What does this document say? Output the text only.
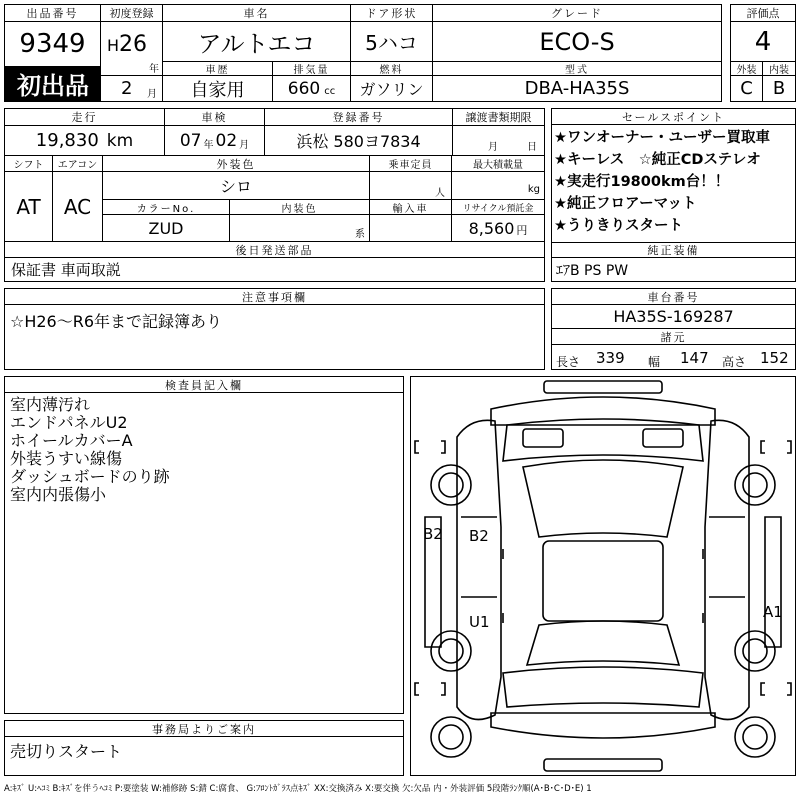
出品番号
9349
初出品
初度登録
H 26
年
2 月
車名
アルトエコ
ドア形状
5ハコ
グレード
ECO-S
車歴
自家用
排気量
660 cc
燃料
ガソリン
型式
DBA-HA35S
評価点
4
外装	内装
C	B
走行
19,830 km
車検
07 年 02 月
登録番号
浜松 580ヨ7834
譲渡書類期限
月	日
シフト
AT
エアコン
AC
外装色
シロ
乗車定員
人
最大積載量
kg
カラーNo.
ZUD
内装色
系
輸入車	リサイクル預託金
8,560 円
後日発送部品
保証書 車両取説
セールスポイント
★ワンオーナー・ユーザー買取車
★キーレス　☆純正CDステレオ
★実走行19800km台！！
★純正フロアーマット
★うりきりスタート
純正装備
ｴｱB PS PW
注意事項欄
☆H26〜R6年まで記録簿あり
車台番号
HA35S-169287
諸元
長さ 339 幅 147 高さ 152
検査員記入欄
室内薄汚れ
エンドパネルU2
ホイールカバーA
外装うすい線傷
ダッシュボードのり跡
室内内張傷小
事務局よりご案内
売切りスタート
B2 B2
U1
A1
A:ｷｽﾞ U:ﾍｺﾐ B:ｷｽﾞを伴うﾍｺﾐ P:要塗装 W:補修跡 S:錆 C:腐食、 G:ﾌﾛﾝﾄｶﾞﾗｽ点ｷｽﾞ XX:交換済み X:要交換 欠:欠品 内・外装評価 5段階ﾗﾝｸ順(A･B･C･D･E) 1
